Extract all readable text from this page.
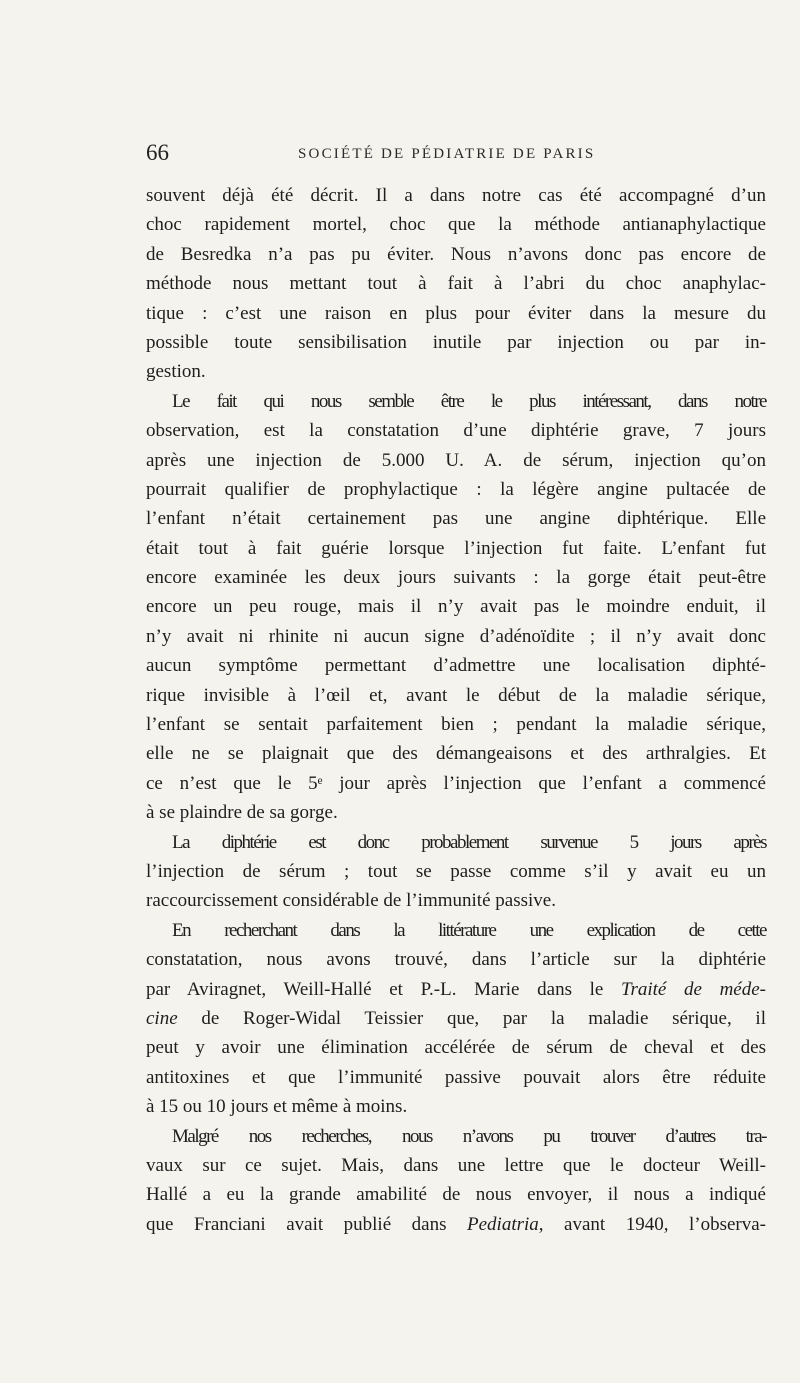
66	SOCIÉTÉ DE PÉDIATRIE DE PARIS
souvent déjà été décrit. Il a dans notre cas été accompagné d’un
choc rapidement mortel, choc que la méthode antianaphylactique
de Besredka n’a pas pu éviter. Nous n’avons donc pas encore de
méthode nous mettant tout à fait à l’abri du choc anaphylac-
tique : c’est une raison en plus pour éviter dans la mesure du
possible toute sensibilisation inutile par injection ou par in-
gestion.
Le fait qui nous semble être le plus intéressant, dans notre
observation, est la constatation d’une diphtérie grave, 7 jours
après une injection de 5.000 U. A. de sérum, injection qu’on
pourrait qualifier de prophylactique : la légère angine pultacée de
l’enfant n’était certainement pas une angine diphtérique. Elle
était tout à fait guérie lorsque l’injection fut faite. L’enfant fut
encore examinée les deux jours suivants : la gorge était peut-être
encore un peu rouge, mais il n’y avait pas le moindre enduit, il
n’y avait ni rhinite ni aucun signe d’adénoïdite ; il n’y avait donc
aucun symptôme permettant d’admettre une localisation diphté-
rique invisible à l’œil et, avant le début de la maladie sérique,
l’enfant se sentait parfaitement bien ; pendant la maladie sérique,
elle ne se plaignait que des démangeaisons et des arthralgies. Et
ce n’est que le 5ᵉ jour après l’injection que l’enfant a commencé
à se plaindre de sa gorge.
La diphtérie est donc probablement survenue 5 jours après
l’injection de sérum ; tout se passe comme s’il y avait eu un
raccourcissement considérable de l’immunité passive.
En recherchant dans la littérature une explication de cette
constatation, nous avons trouvé, dans l’article sur la diphtérie
par Aviragnet, Weill-Hallé et P.-L. Marie dans le Traité de méde-
cine de Roger-Widal Teissier que, par la maladie sérique, il
peut y avoir une élimination accélérée de sérum de cheval et des
antitoxines et que l’immunité passive pouvait alors être réduite
à 15 ou 10 jours et même à moins.
Malgré nos recherches, nous n’avons pu trouver d’autres tra-
vaux sur ce sujet. Mais, dans une lettre que le docteur Weill-
Hallé a eu la grande amabilité de nous envoyer, il nous a indiqué
que Franciani avait publié dans Pediatria, avant 1940, l’observa-
